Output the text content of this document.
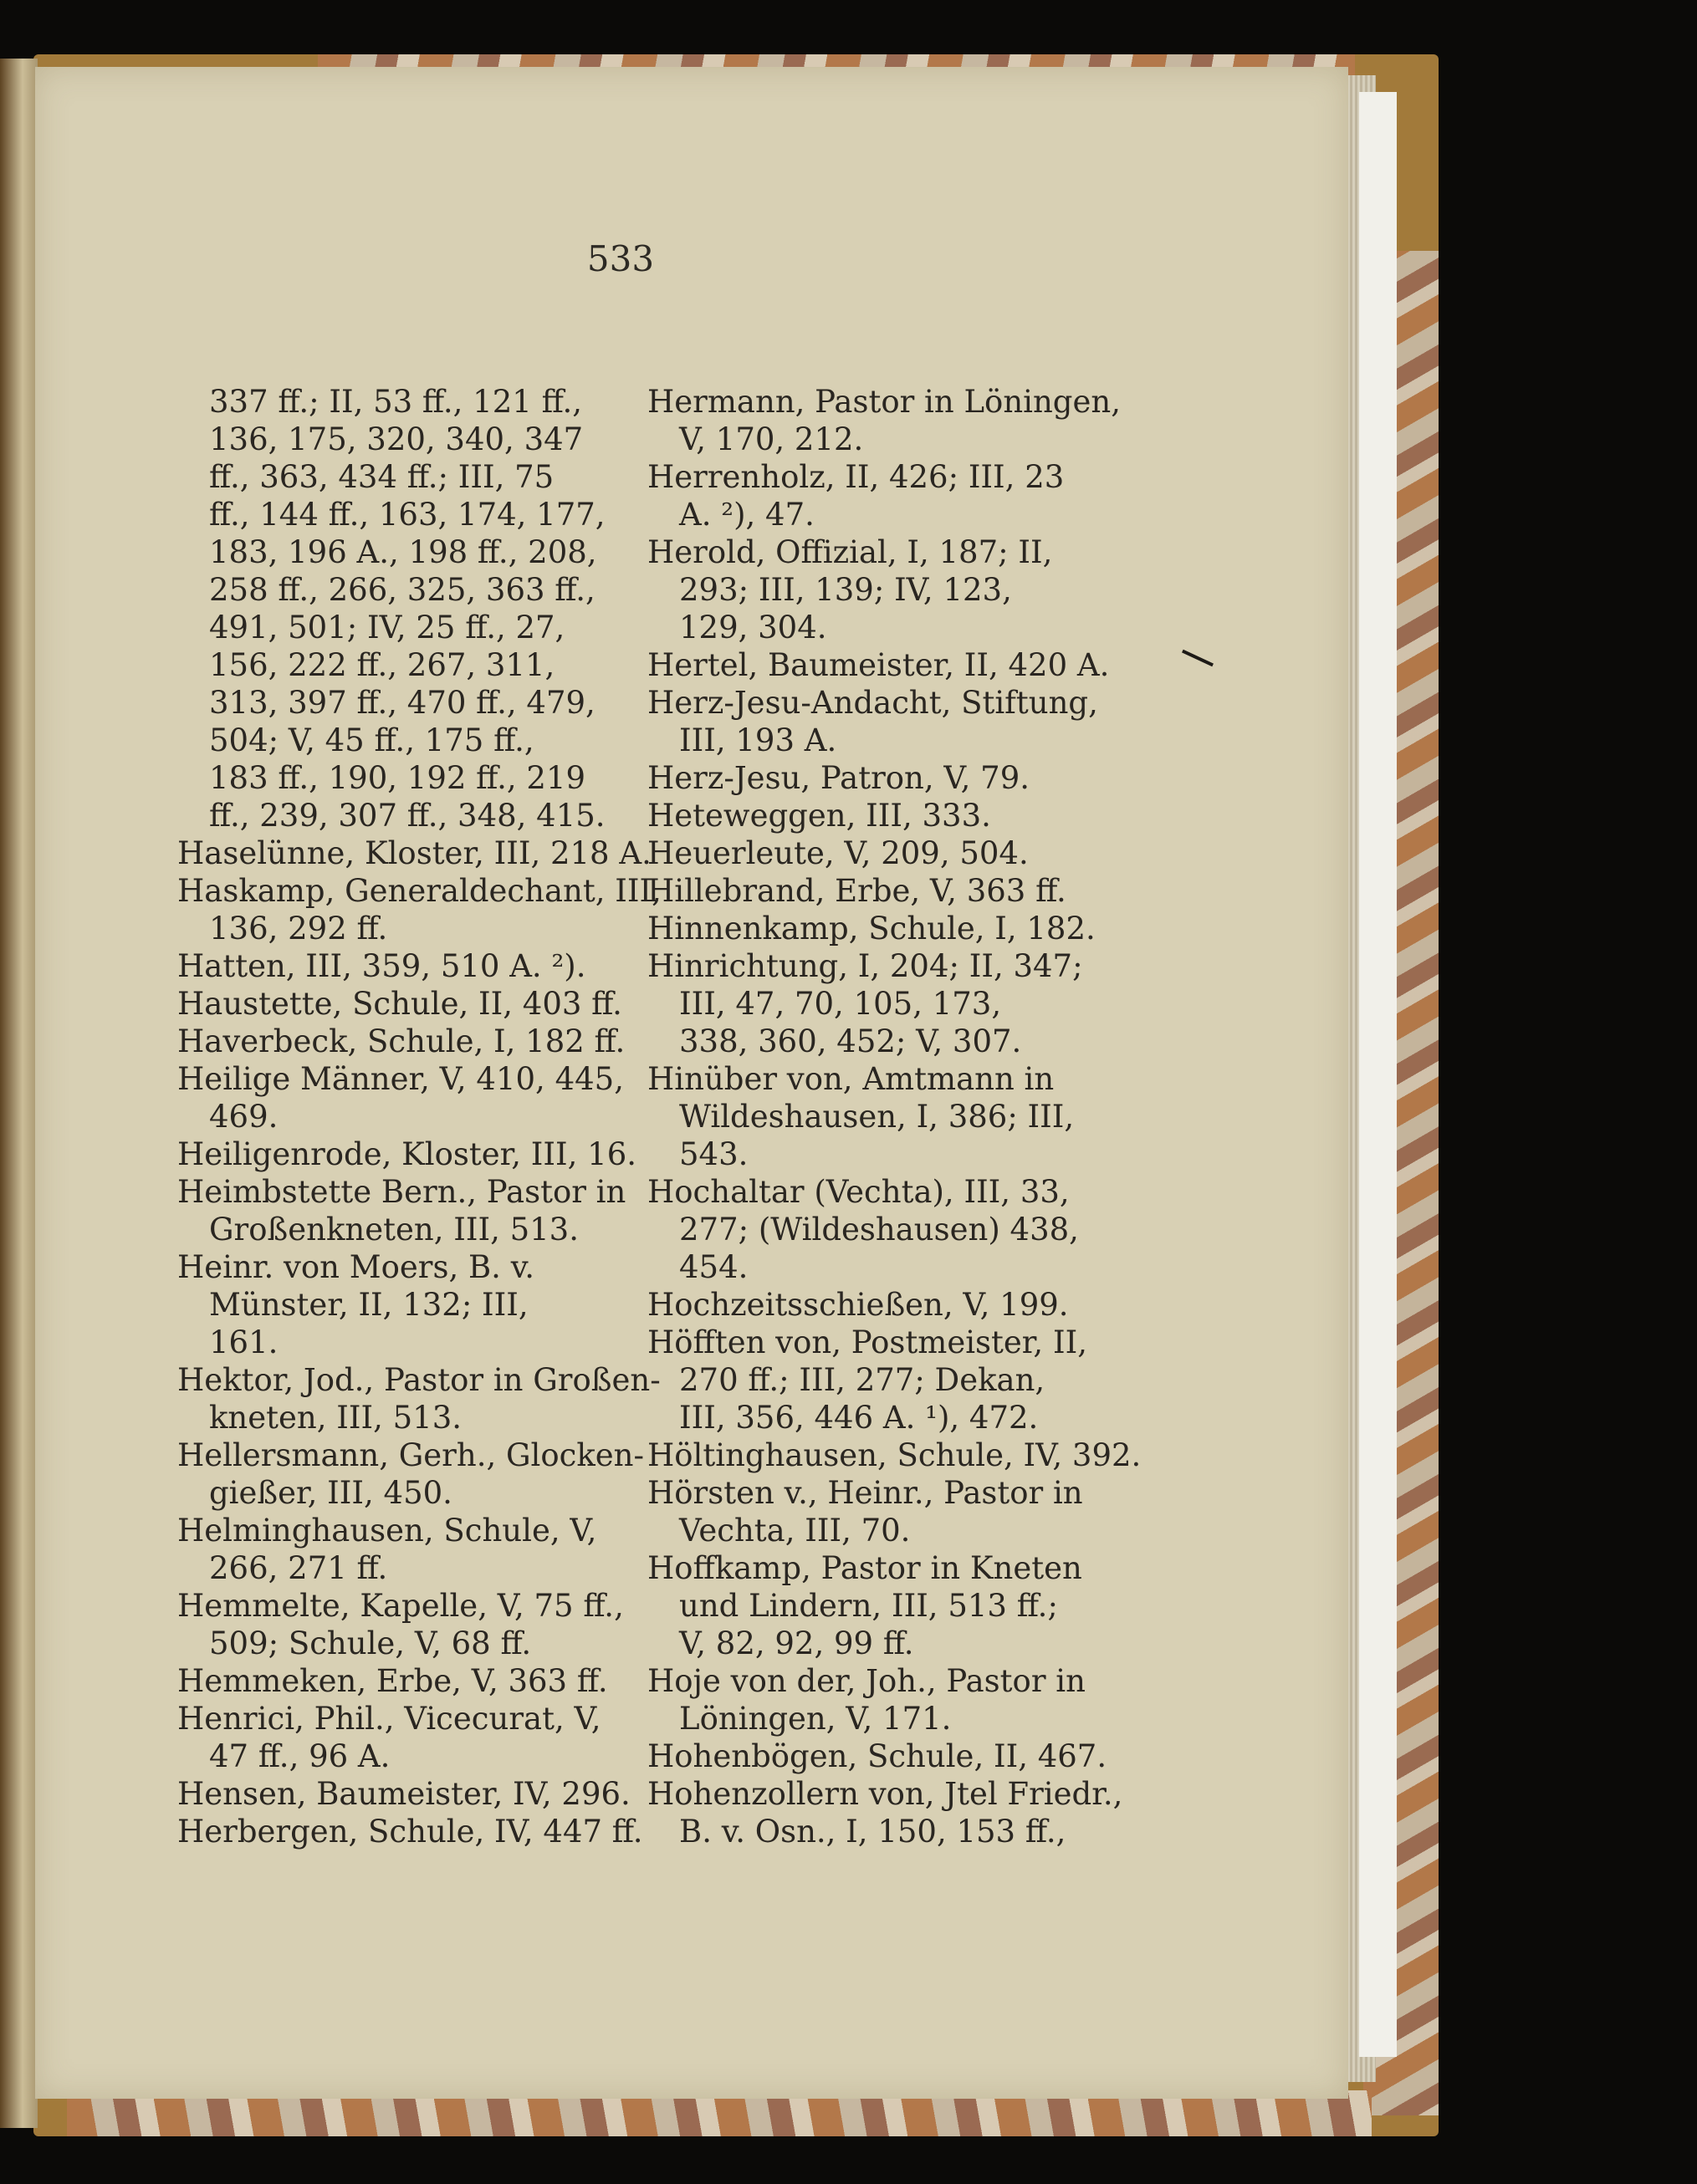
533
337 ff.; II, 53 ff., 121 ff.,
136, 175, 320, 340, 347
ff., 363, 434 ff.; III, 75
ff., 144 ff., 163, 174, 177,
183, 196 A., 198 ff., 208,
258 ff., 266, 325, 363 ff.,
491, 501; IV, 25 ff., 27,
156, 222 ff., 267, 311,
313, 397 ff., 470 ff., 479,
504; V, 45 ff., 175 ff.,
183 ff., 190, 192 ff., 219
ff., 239, 307 ff., 348, 415.
Haselünne, Kloster, III, 218 A.
Haskamp, Generaldechant, III,
136, 292 ff.
Hatten, III, 359, 510 A. ²).
Haustette, Schule, II, 403 ff.
Haverbeck, Schule, I, 182 ff.
Heilige Männer, V, 410, 445,
469.
Heiligenrode, Kloster, III, 16.
Heimbstette Bern., Pastor in
Großenkneten, III, 513.
Heinr. von Moers, B. v.
Münster, II, 132; III,
161.
Hektor, Jod., Pastor in Großen-
kneten, III, 513.
Hellersmann, Gerh., Glocken-
gießer, III, 450.
Helminghausen, Schule, V,
266, 271 ff.
Hemmelte, Kapelle, V, 75 ff.,
509; Schule, V, 68 ff.
Hemmeken, Erbe, V, 363 ff.
Henrici, Phil., Vicecurat, V,
47 ff., 96 A.
Hensen, Baumeister, IV, 296.
Herbergen, Schule, IV, 447 ff.
Hermann, Pastor in Löningen,
V, 170, 212.
Herrenholz, II, 426; III, 23
A. ²), 47.
Herold, Offizial, I, 187; II,
293; III, 139; IV, 123,
129, 304.
Hertel, Baumeister, II, 420 A.
Herz-Jesu-Andacht, Stiftung,
III, 193 A.
Herz-Jesu, Patron, V, 79.
Heteweggen, III, 333.
Heuerleute, V, 209, 504.
Hillebrand, Erbe, V, 363 ff.
Hinnenkamp, Schule, I, 182.
Hinrichtung, I, 204; II, 347;
III, 47, 70, 105, 173,
338, 360, 452; V, 307.
Hinüber von, Amtmann in
Wildeshausen, I, 386; III,
543.
Hochaltar (Vechta), III, 33,
277; (Wildeshausen) 438,
454.
Hochzeitsschießen, V, 199.
Höfften von, Postmeister, II,
270 ff.; III, 277; Dekan,
III, 356, 446 A. ¹), 472.
Höltinghausen, Schule, IV, 392.
Hörsten v., Heinr., Pastor in
Vechta, III, 70.
Hoffkamp, Pastor in Kneten
und Lindern, III, 513 ff.;
V, 82, 92, 99 ff.
Hoje von der, Joh., Pastor in
Löningen, V, 171.
Hohenbögen, Schule, II, 467.
Hohenzollern von, Jtel Friedr.,
B. v. Osn., I, 150, 153 ff.,
